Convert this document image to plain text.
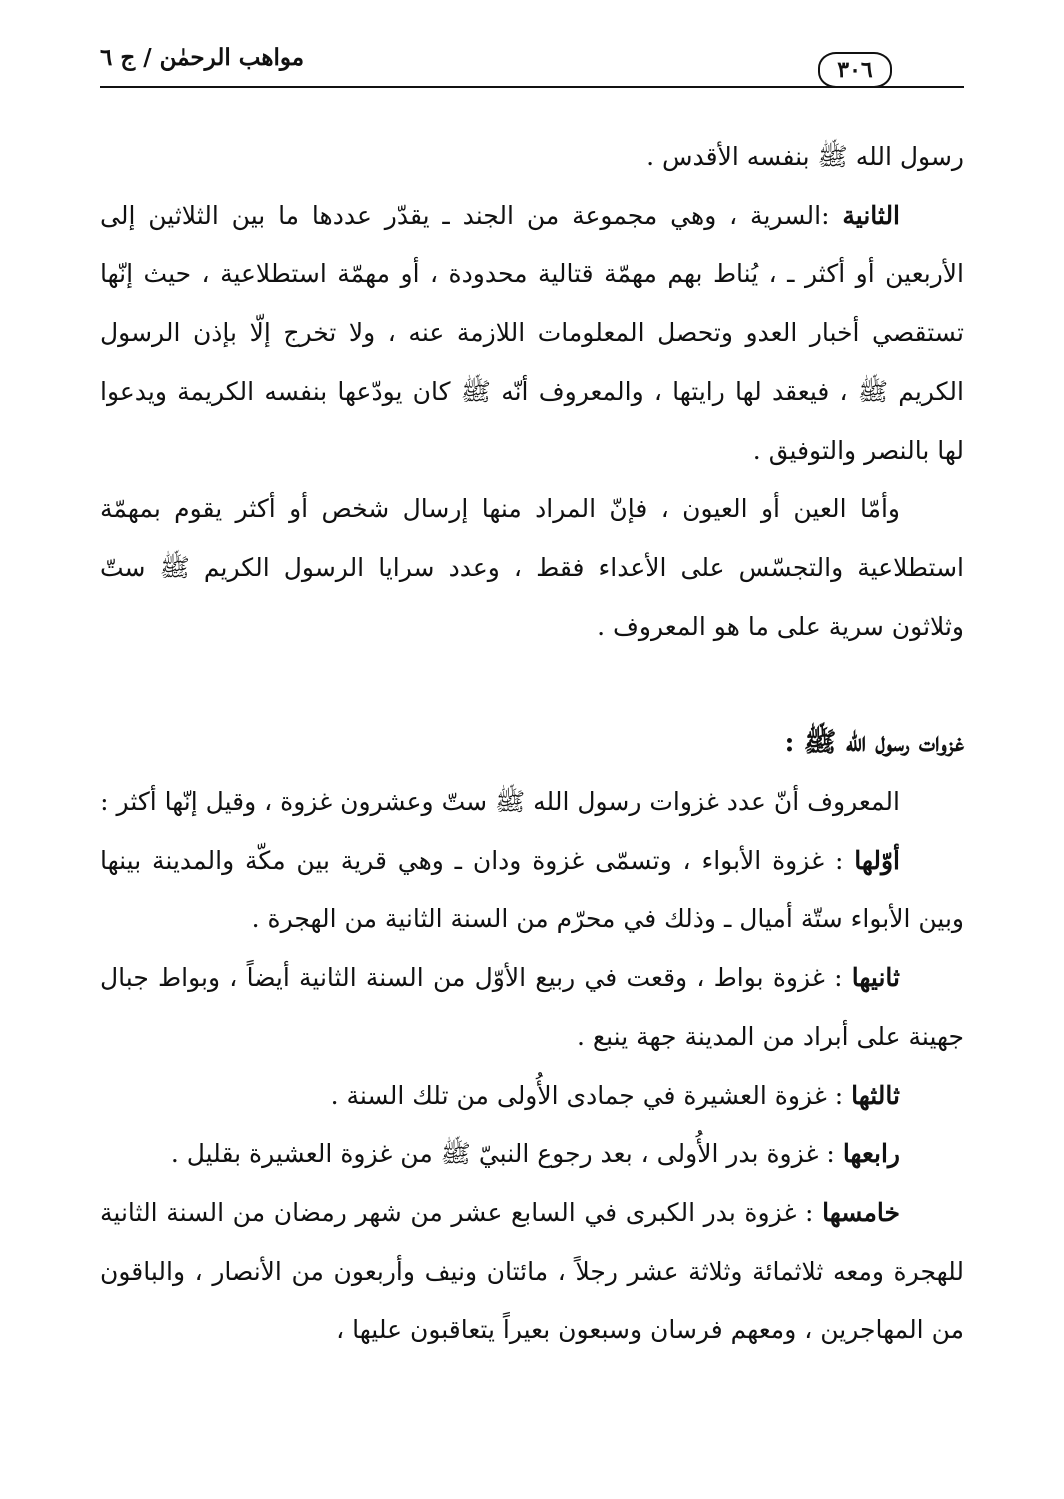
مواهب الرحمٰن / ج ٦	٣٠٦

رسول الله ﷺ بنفسه الأقدس .

الثانية :السرية ، وهي مجموعة من الجند ـ يقدّر عددها ما بين الثلاثين إلى الأربعين أو أكثر ـ ، يُناط بهم مهمّة قتالية محدودة ، أو مهمّة استطلاعية ، حيث إنّها تستقصي أخبار العدو وتحصل المعلومات اللازمة عنه ، ولا تخرج إلّا بإذن الرسول الكريم ﷺ ، فيعقد لها رايتها ، والمعروف أنّه ﷺ كان يودّعها بنفسه الكريمة ويدعوا لها بالنصر والتوفيق .

وأمّا العين أو العيون ، فإنّ المراد منها إرسال شخص أو أكثر يقوم بمهمّة استطلاعية والتجسّس على الأعداء فقط ، وعدد سرايا الرسول الكريم ﷺ ستّ وثلاثون سرية على ما هو المعروف .

غزوات رسول الله ﷺ :

المعروف أنّ عدد غزوات رسول الله ﷺ ستّ وعشرون غزوة ، وقيل إنّها أكثر :

أوّلها : غزوة الأبواء ، وتسمّى غزوة ودان ـ وهي قرية بين مكّة والمدينة بينها وبين الأبواء ستّة أميال ـ وذلك في محرّم من السنة الثانية من الهجرة .

ثانيها : غزوة بواط ، وقعت في ربيع الأوّل من السنة الثانية أيضاً ، وبواط جبال جهينة على أبراد من المدينة جهة ينبع .

ثالثها : غزوة العشيرة في جمادى الأُولى من تلك السنة .

رابعها : غزوة بدر الأُولى ، بعد رجوع النبيّ ﷺ من غزوة العشيرة بقليل .

خامسها : غزوة بدر الكبرى في السابع عشر من شهر رمضان من السنة الثانية للهجرة ومعه ثلاثمائة وثلاثة عشر رجلاً ، مائتان ونيف وأربعون من الأنصار ، والباقون من المهاجرين ، ومعهم فرسان وسبعون بعيراً يتعاقبون عليها ،
